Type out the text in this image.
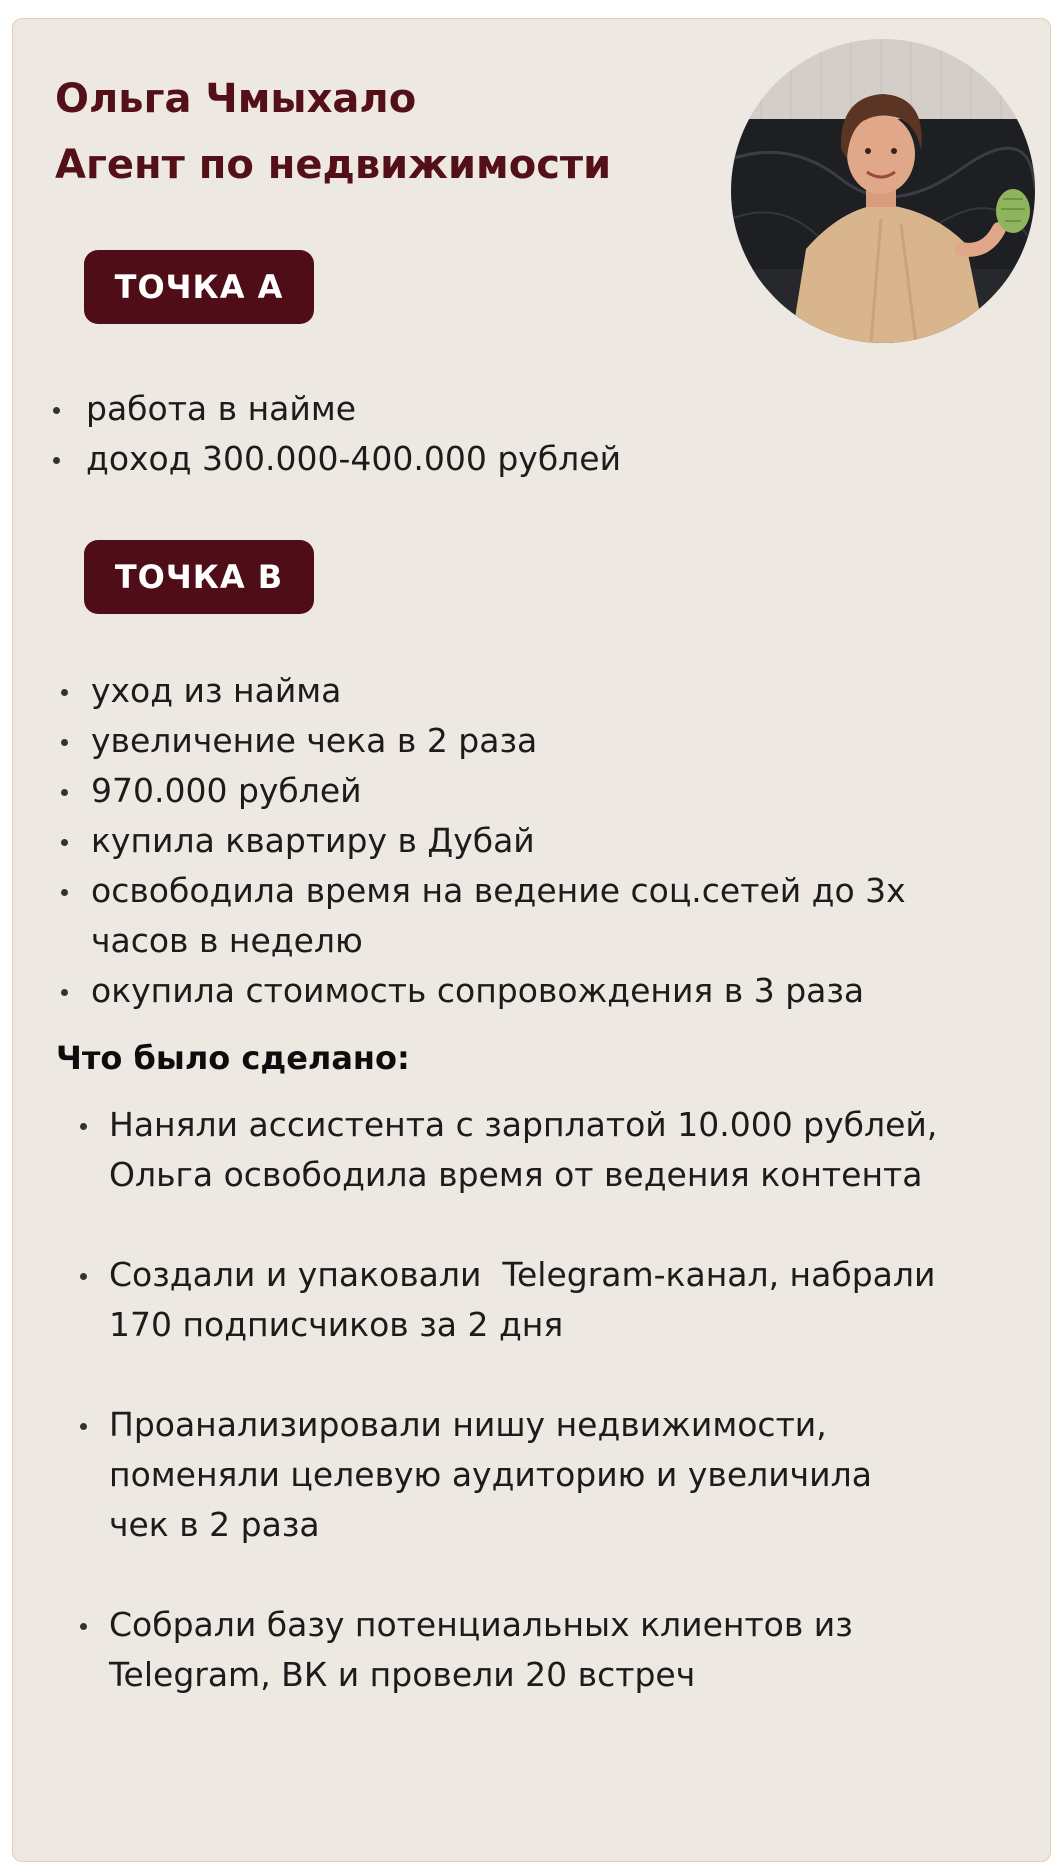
Ольга Чмыхало
Агент по недвижимости
ТОЧКА А
работа в найме
доход 300.000-400.000 рублей
ТОЧКА В
уход из найма
увеличение чека в 2 раза
970.000 рублей
купила квартиру в Дубай
освободила время на ведение соц.сетей до 3х
часов в неделю
окупила стоимость сопровождения в 3 раза
Что было сделано:
Наняли ассистента с зарплатой 10.000 рублей,
Ольга освободила время от ведения контента
Создали и упаковали  Telegram-канал, набрали
170 подписчиков за 2 дня
Проанализировали нишу недвижимости,
поменяли целевую аудиторию и увеличила
чек в 2 раза
Собрали базу потенциальных клиентов из
Telegram, ВК и провели 20 встреч
